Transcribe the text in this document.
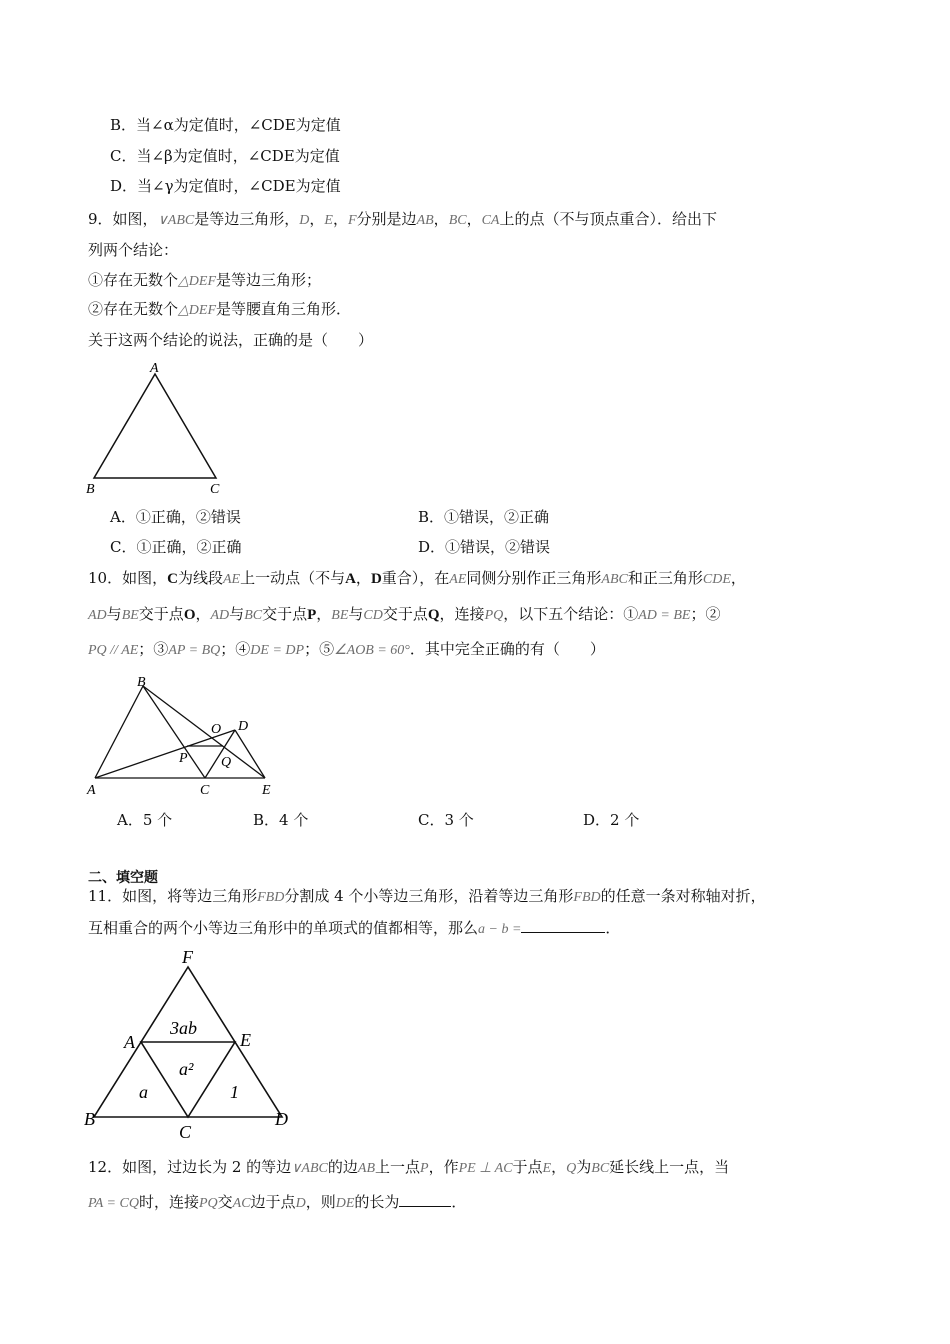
B．当∠α为定值时，∠CDE为定值
C．当∠β为定值时，∠CDE为定值
D．当∠γ为定值时，∠CDE为定值
9．如图，∨ABC是等边三角形，D，E，F分别是边AB，BC，CA上的点（不与顶点重合）．给出下
列两个结论：
①存在无数个△DEF是等边三角形；
②存在无数个△DEF是等腰直角三角形．
关于这两个结论的说法，正确的是（　　）
A
B	C
A．①正确，②错误	B．①错误，②正确
C．①正确，②正确	D．①错误，②错误
10．如图，C为线段AE上一动点（不与A，D重合），在AE同侧分别作正三角形ABC和正三角形CDE，
AD与BE交于点O，AD与BC交于点P，BE与CD交于点Q，连接PQ，以下五个结论：①AD = BE；②
PQ // AE；③AP = BQ；④DE = DP；⑤∠AOB = 60°．其中完全正确的有（　　）
B
O D
P Q
A	C	E
A．5 个	B．4 个	C．3 个	D．2 个
二、填空题
11．如图，将等边三角形FBD分割成 4 个小等边三角形，沿着等边三角形FBD的任意一条对称轴对折，
互相重合的两个小等边三角形中的单项式的值都相等，那么a − b =	．
F
A	E
B
C
D
3ab
a²
a	1
12．如图，过边长为 2 的等边∨ABC的边AB上一点P，作PE ⊥ AC于点E，Q为BC延长线上一点，当
PA = CQ时，连接PQ交AC边于点D，则DE的长为	．
